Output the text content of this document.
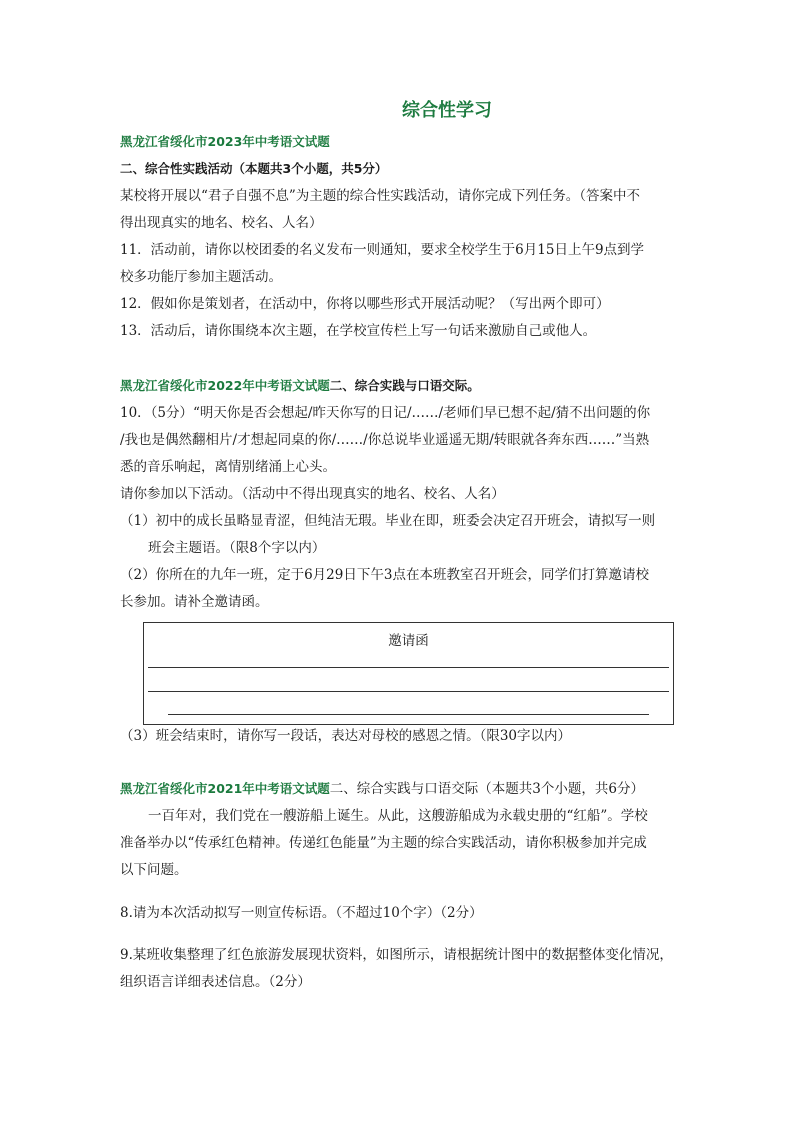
综合性学习
黑龙江省绥化市2023年中考语文试题
二、综合性实践活动（本题共3个小题，共5分）
某校将开展以“君子自强不息”为主题的综合性实践活动，请你完成下列任务。（答案中不
得出现真实的地名、校名、人名）
11．活动前，请你以校团委的名义发布一则通知，要求全校学生于6月15日上午9点到学
校多功能厅参加主题活动。
12．假如你是策划者，在活动中，你将以哪些形式开展活动呢？（写出两个即可）
13．活动后，请你围绕本次主题，在学校宣传栏上写一句话来激励自己或他人。
黑龙江省绥化市2022年中考语文试题二、综合实践与口语交际。
10．（5分）“明天你是否会想起/昨天你写的日记/……/老师们早已想不起/猜不出问题的你
/我也是偶然翻相片/才想起同桌的你/……/你总说毕业遥遥无期/转眼就各奔东西……”当熟
悉的音乐响起，离情别绪涌上心头。
请你参加以下活动。（活动中不得出现真实的地名、校名、人名）
（1）初中的成长虽略显青涩，但纯洁无瑕。毕业在即，班委会决定召开班会，请拟写一则
班会主题语。（限8个字以内）
（2）你所在的九年一班，定于6月29日下午3点在本班教室召开班会，同学们打算邀请校
长参加。请补全邀请函。
邀请函
（3）班会结束时，请你写一段话，表达对母校的感恩之情。（限30字以内）
黑龙江省绥化市2021年中考语文试题二、综合实践与口语交际（本题共3个小题，共6分）
一百年对，我们党在一艘游船上诞生。从此，这艘游船成为永载史册的“红船”。学校
准备举办以“传承红色精神。传递红色能量”为主题的综合实践活动，请你积极参加并完成
以下问题。
8.请为本次活动拟写一则宣传标语。（不超过10个字）（2分）
9.某班收集整理了红色旅游发展现状资料，如图所示，请根据统计图中的数据整体变化情况，
组织语言详细表述信息。（2分）
